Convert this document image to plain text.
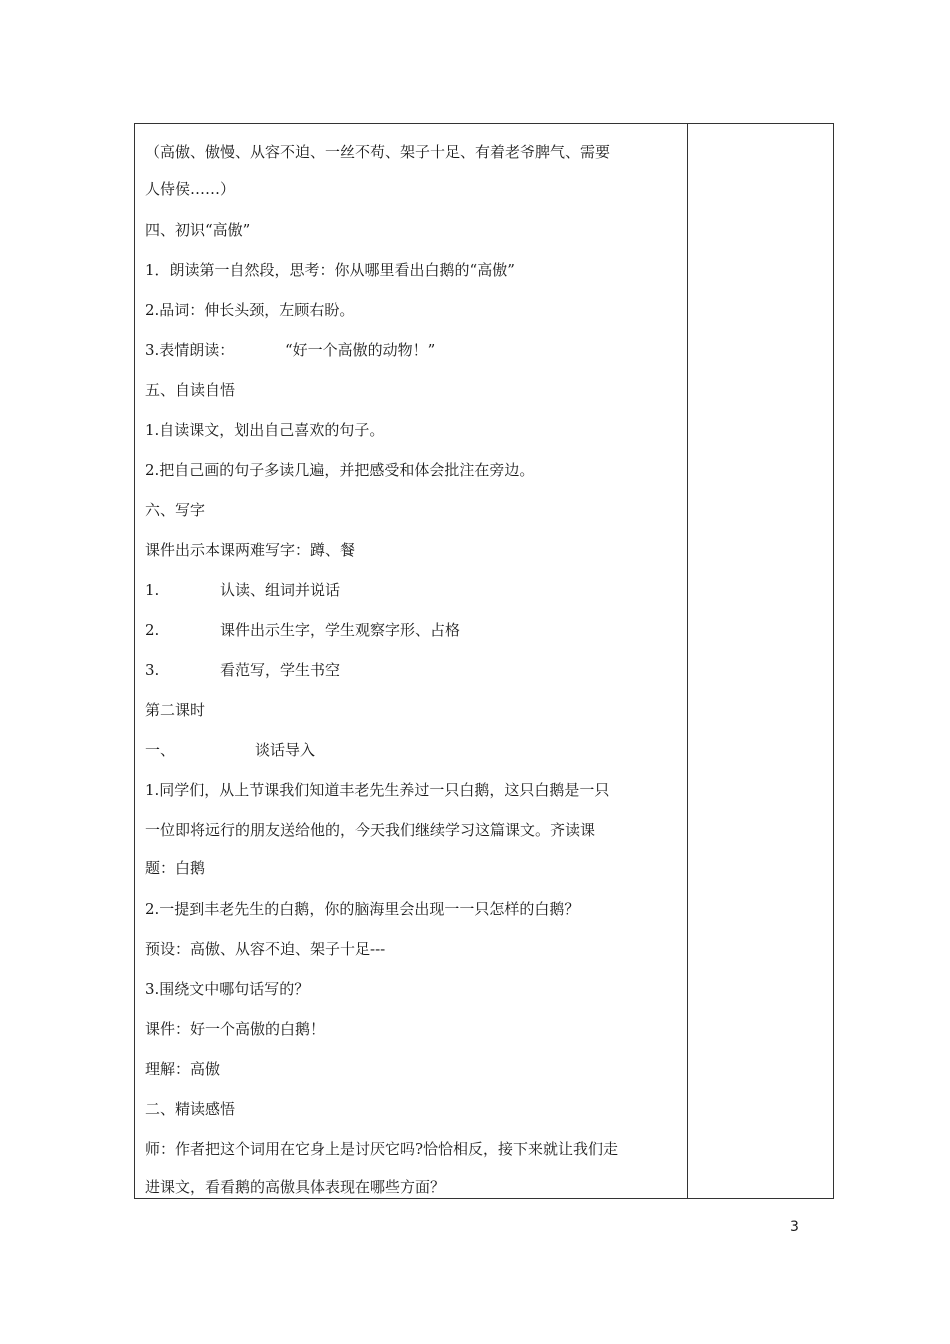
（高傲、傲慢、从容不迫、一丝不苟、架子十足、有着老爷脾气、需要
人侍侯……）
四、初识“高傲”
1．朗读第一自然段，思考：你从哪里看出白鹅的“高傲”
2.品词：伸长头颈，左顾右盼。
3.表情朗读：	“好一个高傲的动物！”
五、自读自悟
1.自读课文，划出自己喜欢的句子。
2.把自己画的句子多读几遍，并把感受和体会批注在旁边。
六、写字
课件出示本课两难写字：蹲、餐
1.	认读、组词并说话
2.	课件出示生字，学生观察字形、占格
3.	看范写，学生书空
第二课时
一、	谈话导入
1.同学们，从上节课我们知道丰老先生养过一只白鹅，这只白鹅是一只
一位即将远行的朋友送给他的，今天我们继续学习这篇课文。齐读课
题：白鹅
2.一提到丰老先生的白鹅，你的脑海里会出现一一只怎样的白鹅？
预设：高傲、从容不迫、架子十足---
3.围绕文中哪句话写的？
课件：好一个高傲的白鹅！
理解：高傲
二、精读感悟
师：作者把这个词用在它身上是讨厌它吗?恰恰相反，接下来就让我们走
进课文，看看鹅的高傲具体表现在哪些方面？
3
